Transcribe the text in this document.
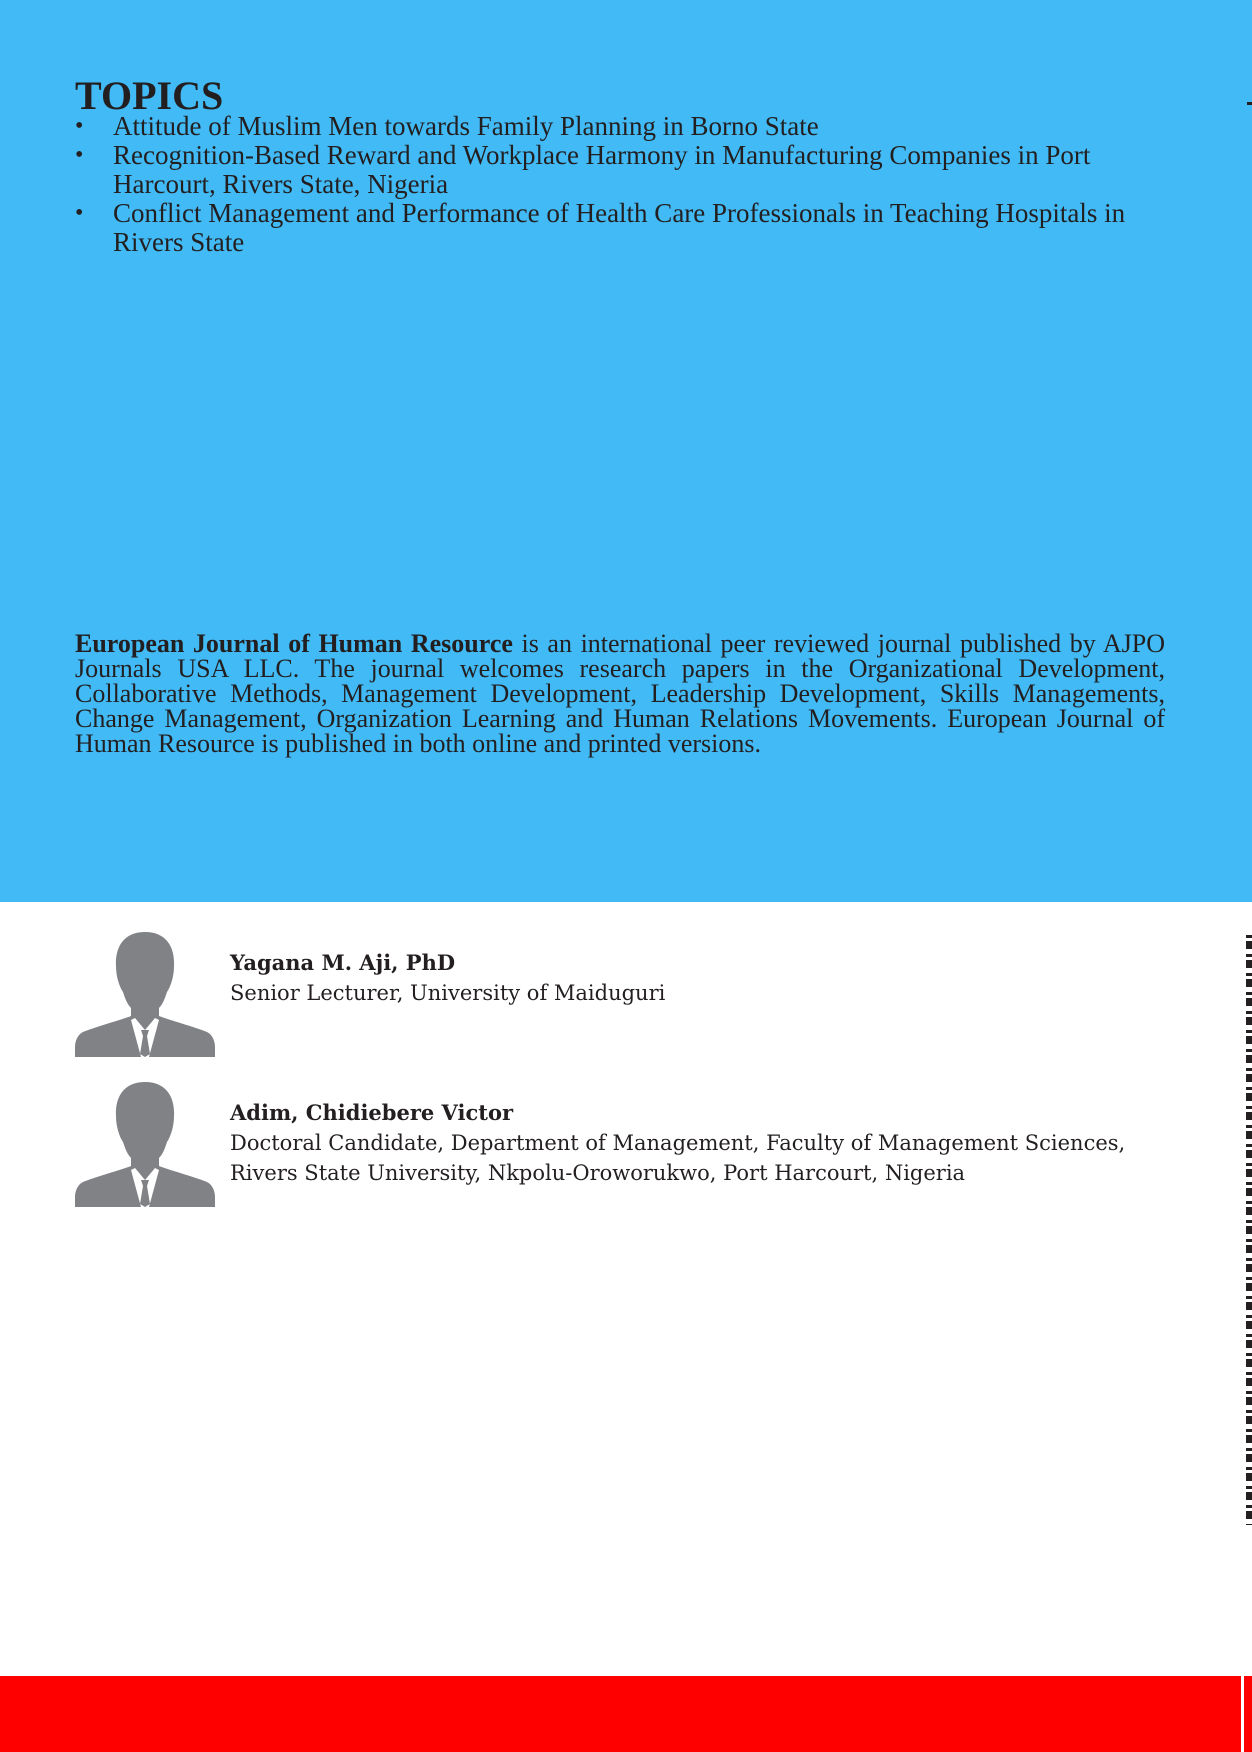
TOPICS
•	Attitude of Muslim Men towards Family Planning in Borno State
•	Recognition-Based Reward and Workplace Harmony in Manufacturing Companies in Port Harcourt, Rivers State, Nigeria
•	Conflict Management and Performance of Health Care Professionals in Teaching Hospitals in Rivers State

European Journal of Human Resource is an international peer reviewed journal published by AJPO Journals USA LLC. The journal welcomes research papers in the Organizational Development, Collaborative Methods, Management Development, Leadership Development, Skills Managements, Change Management, Organization Learning and Human Relations Movements. European Journal of Human Resource is published in both online and printed versions.

Yagana M. Aji, PhD
Senior Lecturer, University of Maiduguri
Adim, Chidiebere Victor
Doctoral Candidate, Department of Management, Faculty of Management Sciences, Rivers State University, Nkpolu-Oroworukwo, Port Harcourt, Nigeria
